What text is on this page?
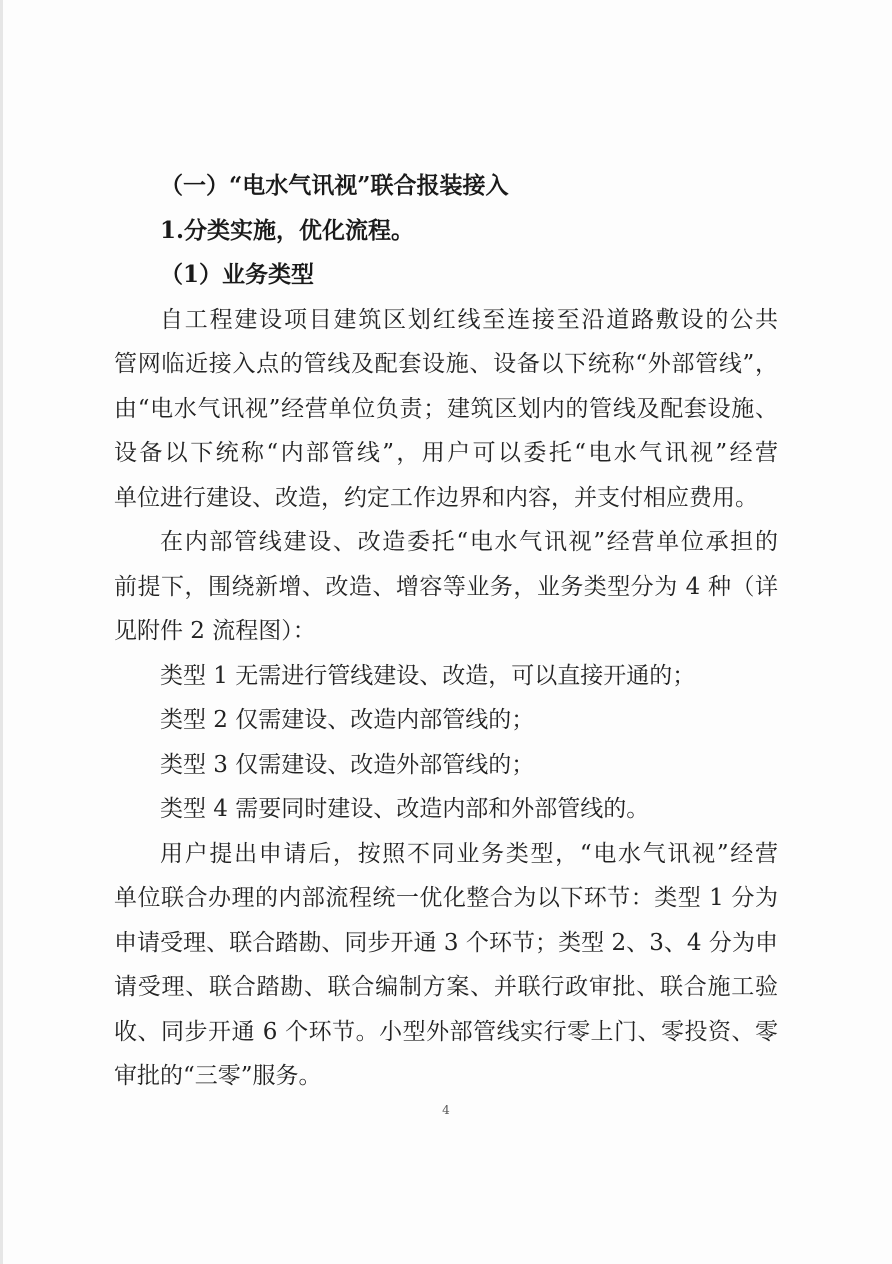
（一）“电水气讯视”联合报装接入
1.分类实施，优化流程。
（1）业务类型
自工程建设项目建筑区划红线至连接至沿道路敷设的公共
管网临近接入点的管线及配套设施、设备以下统称“外部管线”，
由“电水气讯视”经营单位负责；建筑区划内的管线及配套设施、
设备以下统称“内部管线”，用户可以委托“电水气讯视”经营
单位进行建设、改造，约定工作边界和内容，并支付相应费用。
在内部管线建设、改造委托“电水气讯视”经营单位承担的
前提下，围绕新增、改造、增容等业务，业务类型分为 4 种（详
见附件 2 流程图）：
类型 1 无需进行管线建设、改造，可以直接开通的；
类型 2 仅需建设、改造内部管线的；
类型 3 仅需建设、改造外部管线的；
类型 4 需要同时建设、改造内部和外部管线的。
用户提出申请后，按照不同业务类型，“电水气讯视”经营
单位联合办理的内部流程统一优化整合为以下环节：类型 1 分为
申请受理、联合踏勘、同步开通 3 个环节；类型 2、3、4 分为申
请受理、联合踏勘、联合编制方案、并联行政审批、联合施工验
收、同步开通 6 个环节。小型外部管线实行零上门、零投资、零
审批的“三零”服务。
4
